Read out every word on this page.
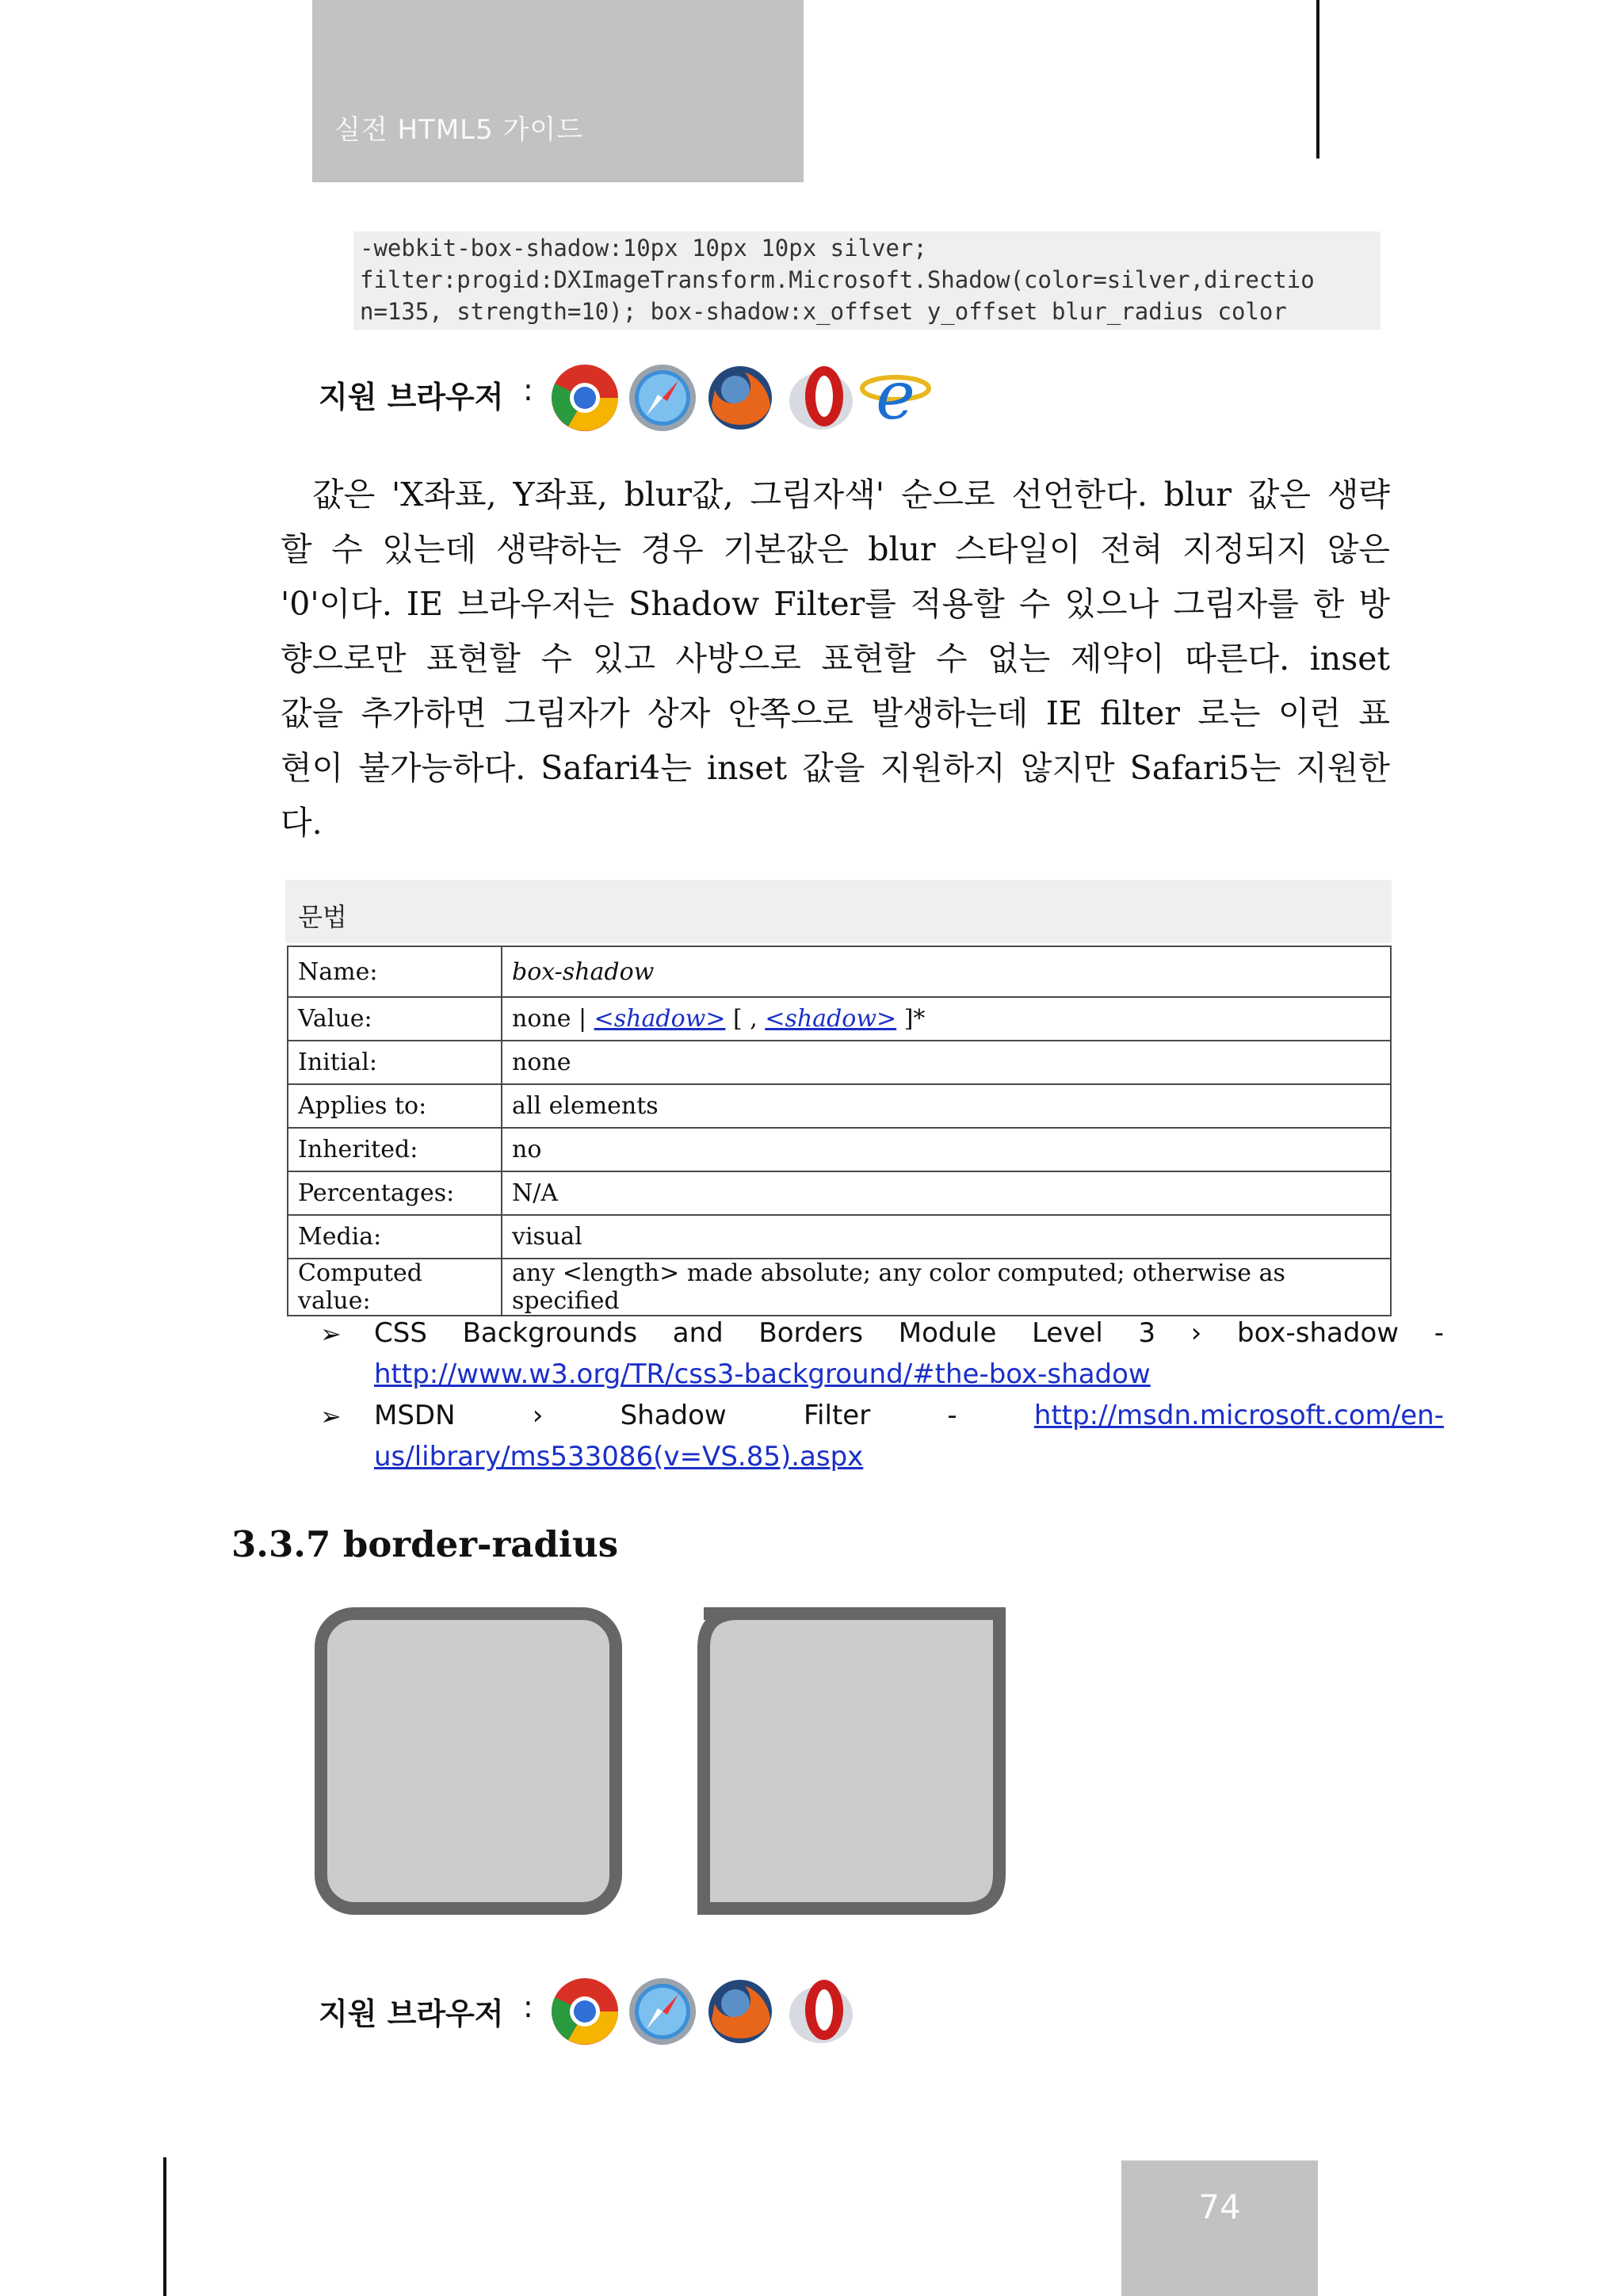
실전 HTML5 가이드
-webkit-box-shadow:10px 10px 10px silver;
filter:progid:DXImageTransform.Microsoft.Shadow(color=silver,directio
n=135, strength=10); box-shadow:x_offset y_offset blur_radius color
지원 브라우저 :	e
값은 'X좌표, Y좌표, blur값, 그림자색' 순으로 선언한다. blur 값은 생략
할 수 있는데 생략하는 경우 기본값은 blur 스타일이 전혀 지정되지 않은
'0'이다. IE 브라우저는 Shadow Filter를 적용할 수 있으나 그림자를 한 방
향으로만 표현할 수 있고 사방으로 표현할 수 없는 제약이 따른다. inset
값을 추가하면 그림자가 상자 안쪽으로 발생하는데 IE filter 로는 이런 표
현이 불가능하다. Safari4는 inset 값을 지원하지 않지만 Safari5는 지원한
다.
문법
Name:	box-shadow
Value:	none | <shadow> [ , <shadow> ]*
Initial:	none
Applies to:	all elements
Inherited:	no
Percentages:	N/A
Media:	visual
Computed value:	any <length> made absolute; any color computed; otherwise as specified
➢ CSS Backgrounds and Borders Module Level 3 › box-shadow -
http://www.w3.org/TR/css3-background/#the-box-shadow
➢ MSDN	›	Shadow	Filter	-	http://msdn.microsoft.com/en-
us/library/ms533086(v=VS.85).aspx
3.3.7 border-radius
지원 브라우저 :
74
